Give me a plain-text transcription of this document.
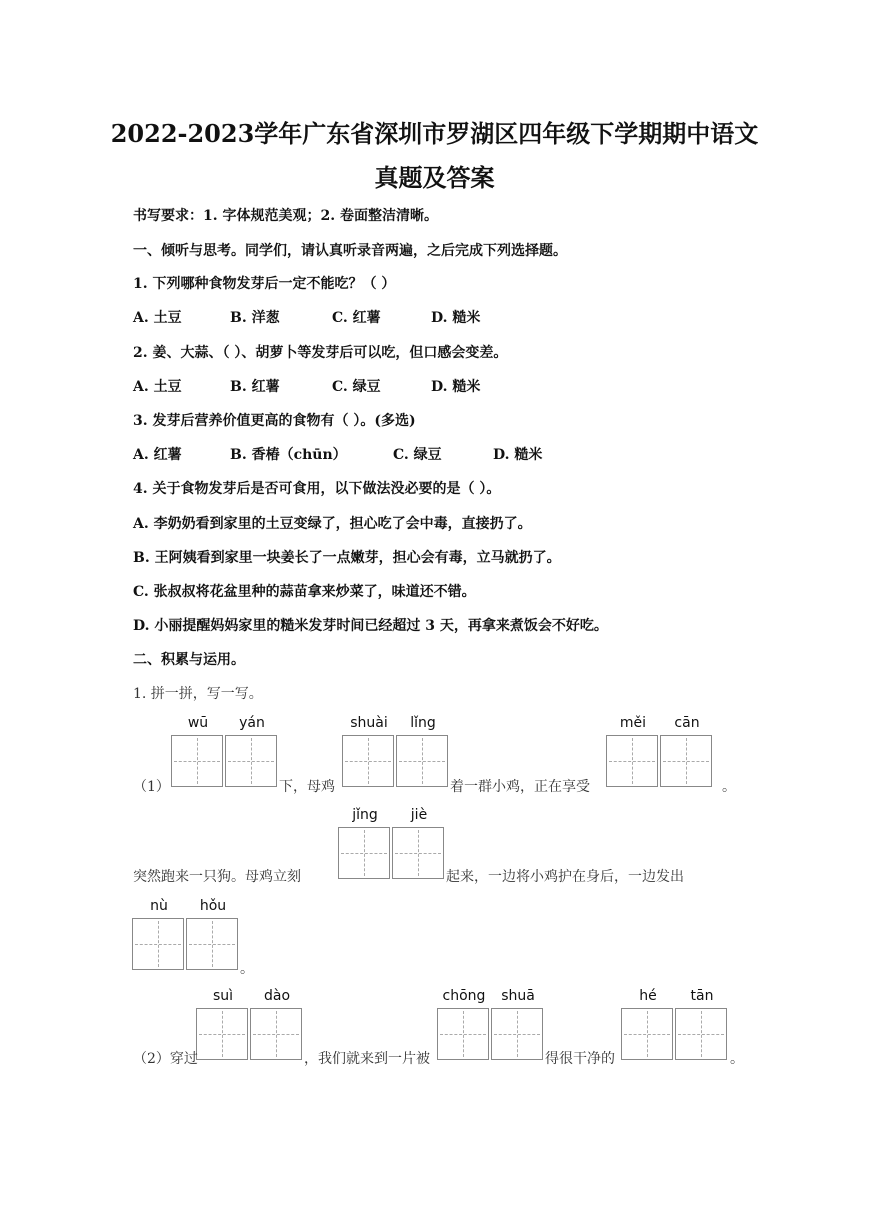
2022-2023学年广东省深圳市罗湖区四年级下学期期中语文
真题及答案
书写要求：1. 字体规范美观；2. 卷面整洁清晰。
一、倾听与思考。同学们，请认真听录音两遍，之后完成下列选择题。
1. 下列哪种食物发芽后一定不能吃？（ ）
A. 土豆	B. 洋葱	C. 红薯	D. 糙米
2. 姜、大蒜、（ ）、胡萝卜等发芽后可以吃，但口感会变差。
A. 土豆	B. 红薯	C. 绿豆	D. 糙米
3. 发芽后营养价值更高的食物有（ ）。(多选)
A. 红薯	B. 香椿（chūn）	C. 绿豆	D. 糙米
4. 关于食物发芽后是否可食用，以下做法没必要的是（ ）。
A. 李奶奶看到家里的土豆变绿了，担心吃了会中毒，直接扔了。
B. 王阿姨看到家里一块姜长了一点嫩芽，担心会有毒，立马就扔了。
C. 张叔叔将花盆里种的蒜苗拿来炒菜了，味道还不错。
D. 小丽提醒妈妈家里的糙米发芽时间已经超过 3 天，再拿来煮饭会不好吃。
二、积累与运用。
1. 拼一拼，写一写。
wū	yán	shuài	lǐng	měi	cān
（1）	下，母鸡	着一群小鸡，正在享受	。
jǐng	jiè
突然跑来一只狗。母鸡立刻	起来，一边将小鸡护在身后，一边发出
nù	hǒu
。
suì	dào	chōng	shuā	hé	tān
（2）穿过	，我们就来到一片被	得很干净的	。
